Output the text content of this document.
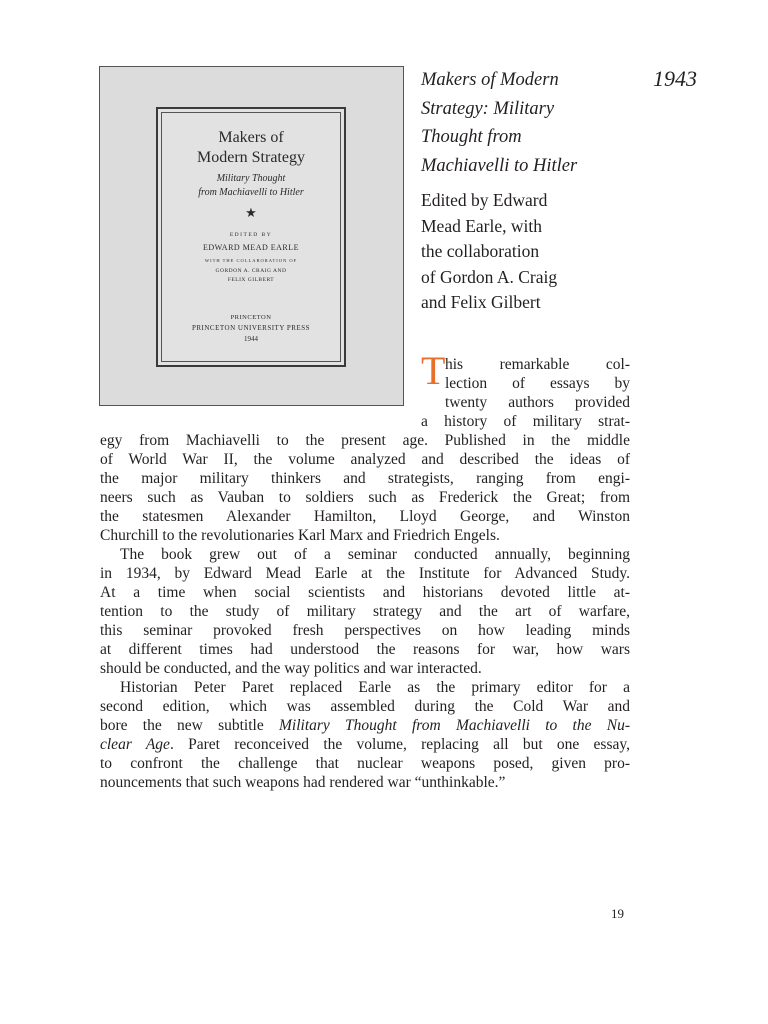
Makers of
Modern Strategy
Military Thought
from Machiavelli to Hitler
★
EDITED BY
EDWARD MEAD EARLE
WITH THE COLLABORATION OF
GORDON A. CRAIG AND
FELIX GILBERT
PRINCETON
PRINCETON UNIVERSITY PRESS
1944
Makers of Modern
Strategy: Military
Thought from
Machiavelli to Hitler
1943
Edited by Edward
Mead Earle, with
the collaboration
of Gordon A. Craig
and Felix Gilbert
T his remarkable col-
lection of essays by
twenty authors provided
a history of military strat-
egy from Machiavelli to the present age. Published in the middle
of World War II, the volume analyzed and described the ideas of
the major military thinkers and strategists, ranging from engi-
neers such as Vauban to soldiers such as Frederick the Great; from
the statesmen Alexander Hamilton, Lloyd George, and Winston
Churchill to the revolutionaries Karl Marx and Friedrich Engels.
The book grew out of a seminar conducted annually, beginning
in 1934, by Edward Mead Earle at the Institute for Advanced Study.
At a time when social scientists and historians devoted little at-
tention to the study of military strategy and the art of warfare,
this seminar provoked fresh perspectives on how leading minds
at different times had understood the reasons for war, how wars
should be conducted, and the way politics and war interacted.
Historian Peter Paret replaced Earle as the primary editor for a
second edition, which was assembled during the Cold War and
bore the new subtitle Military Thought from Machiavelli to the Nu-
clear Age. Paret reconceived the volume, replacing all but one essay,
to confront the challenge that nuclear weapons posed, given pro-
nouncements that such weapons had rendered war “unthinkable.”
19
